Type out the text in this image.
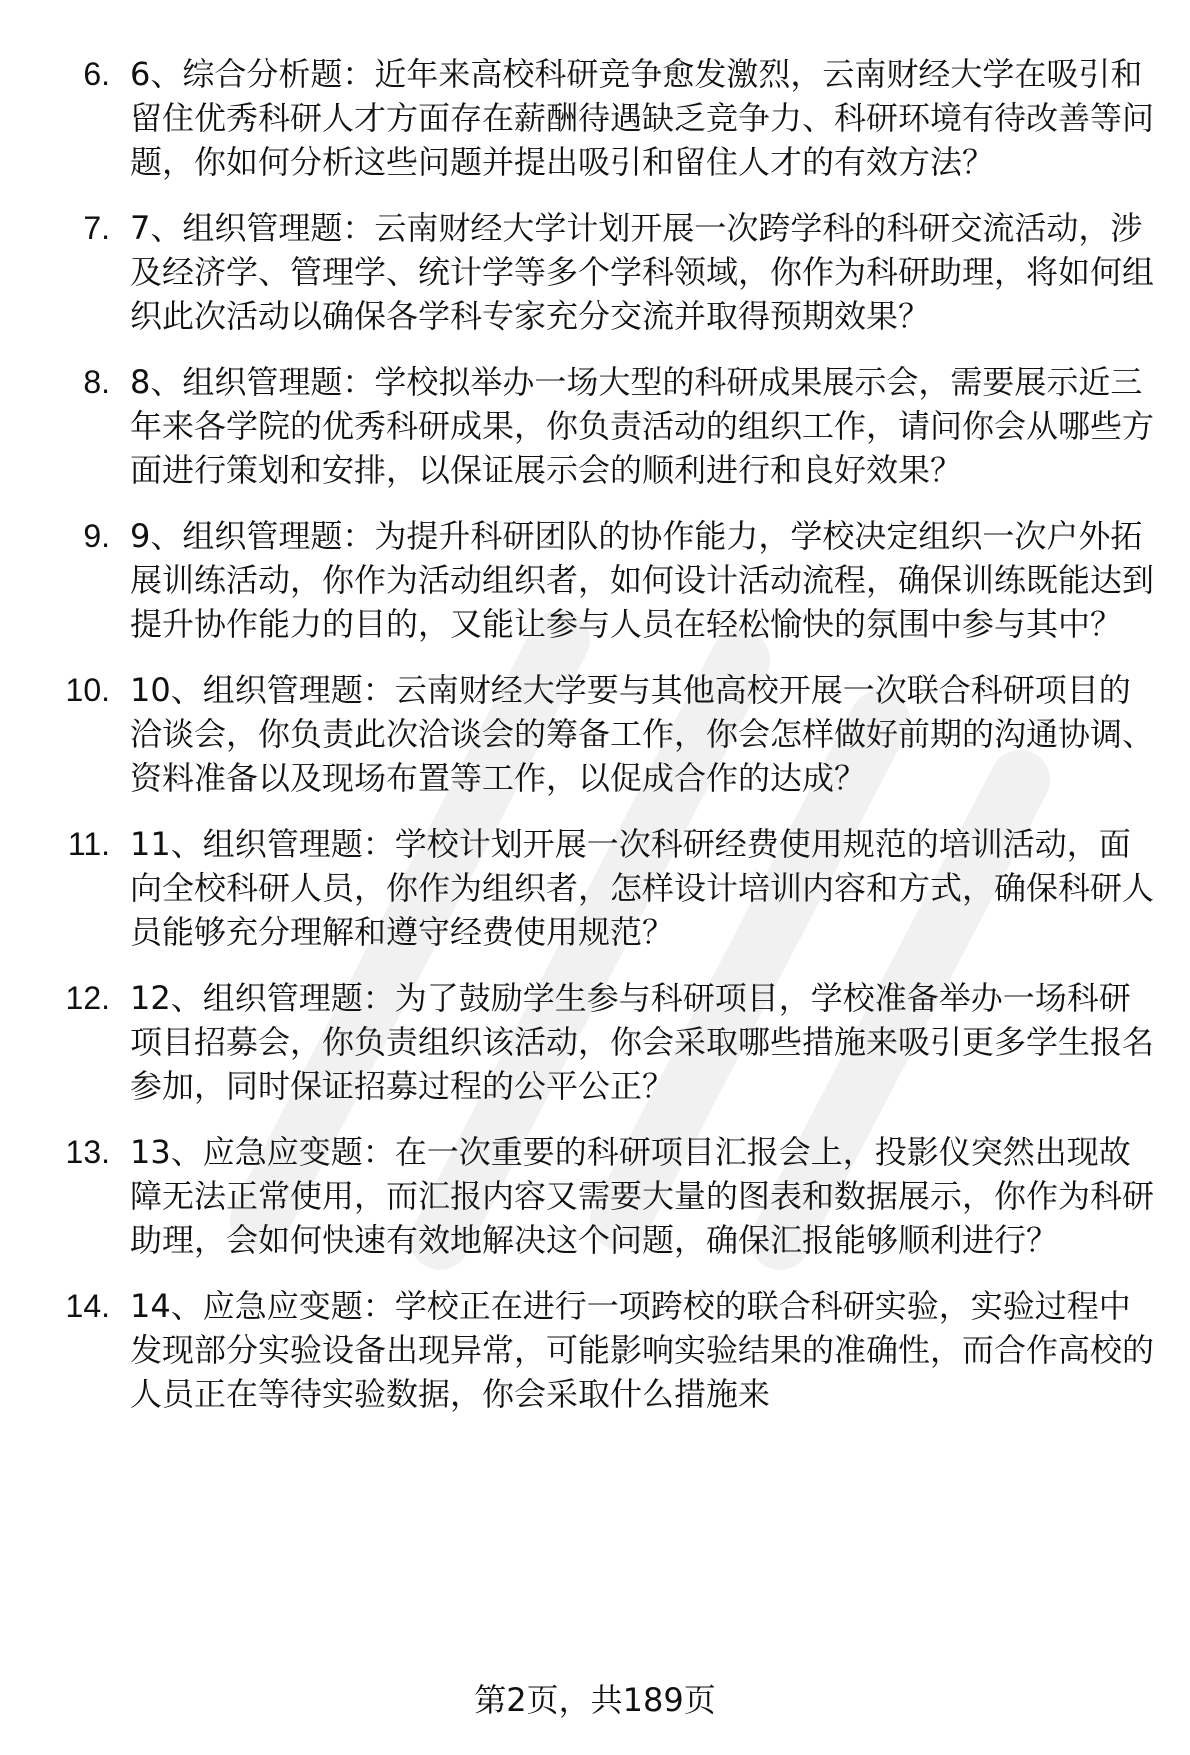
6. 6、综合分析题：近年来高校科研竞争愈发激烈，云南财经大学在吸引和留住优秀科研人才方面存在薪酬待遇缺乏竞争力、科研环境有待改善等问题，你如何分析这些问题并提出吸引和留住人才的有效方法？
7. 7、组织管理题：云南财经大学计划开展一次跨学科的科研交流活动，涉及经济学、管理学、统计学等多个学科领域，你作为科研助理，将如何组织此次活动以确保各学科专家充分交流并取得预期效果？
8. 8、组织管理题：学校拟举办一场大型的科研成果展示会，需要展示近三年来各学院的优秀科研成果，你负责活动的组织工作，请问你会从哪些方面进行策划和安排，以保证展示会的顺利进行和良好效果？
9. 9、组织管理题：为提升科研团队的协作能力，学校决定组织一次户外拓展训练活动，你作为活动组织者，如何设计活动流程，确保训练既能达到提升协作能力的目的，又能让参与人员在轻松愉快的氛围中参与其中？
10. 10、组织管理题：云南财经大学要与其他高校开展一次联合科研项目的洽谈会，你负责此次洽谈会的筹备工作，你会怎样做好前期的沟通协调、资料准备以及现场布置等工作，以促成合作的达成？
11. 11、组织管理题：学校计划开展一次科研经费使用规范的培训活动，面向全校科研人员，你作为组织者，怎样设计培训内容和方式，确保科研人员能够充分理解和遵守经费使用规范？
12. 12、组织管理题：为了鼓励学生参与科研项目，学校准备举办一场科研项目招募会，你负责组织该活动，你会采取哪些措施来吸引更多学生报名参加，同时保证招募过程的公平公正？
13. 13、应急应变题：在一次重要的科研项目汇报会上，投影仪突然出现故障无法正常使用，而汇报内容又需要大量的图表和数据展示，你作为科研助理，会如何快速有效地解决这个问题，确保汇报能够顺利进行？
14. 14、应急应变题：学校正在进行一项跨校的联合科研实验，实验过程中发现部分实验设备出现异常，可能影响实验结果的准确性，而合作高校的人员正在等待实验数据，你会采取什么措施来
第2页，共189页
